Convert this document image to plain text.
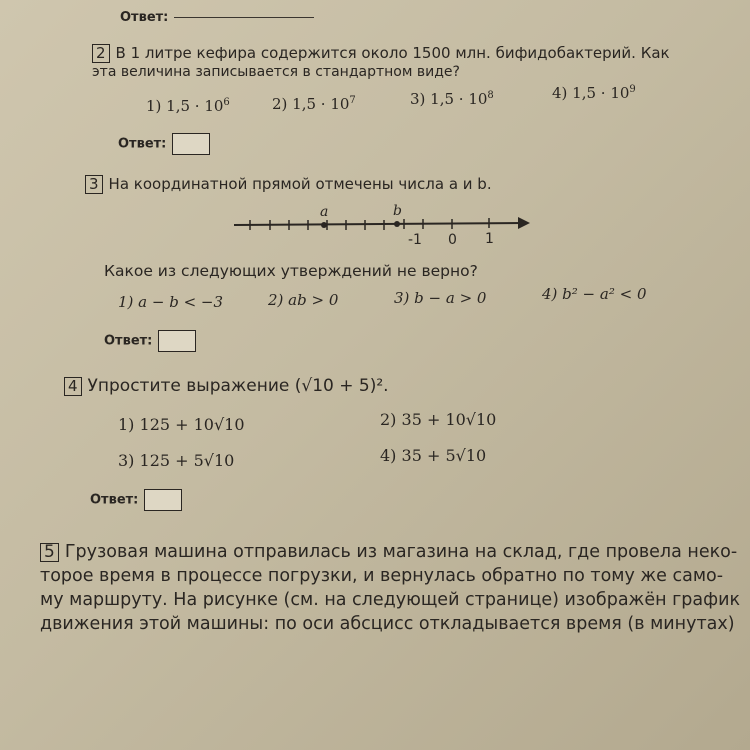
Ответ:
2 В 1 литре кефира содержится около 1500 млн. бифидобактерий. Как
эта величина записывается в стандартном виде?
1) $1,5 \cdot 10^6$	2) $1,5 \cdot 10^7$	3) $1,5 \cdot 10^8$	4) $1,5 \cdot 10^9$
Ответ:
3 На координатной прямой отмечены числа a и b.
a	b
-1 0 1
Какое из следующих утверждений не верно?
1) a − b < −3	2) ab > 0	3) b − a > 0	4) b² − a² < 0
Ответ:
4 Упростите выражение (√10 + 5)².
1) 125 + 10√10	2) 35 + 10√10
3) 125 + 5√10	4) 35 + 5√10
Ответ:
5 Грузовая машина отправилась из магазина на склад, где провела неко-
торое время в процессе погрузки, и вернулась обратно по тому же само-
му маршруту. На рисунке (см. на следующей странице) изображён график
движения этой машины: по оси абсцисс откладывается время (в минутах)
